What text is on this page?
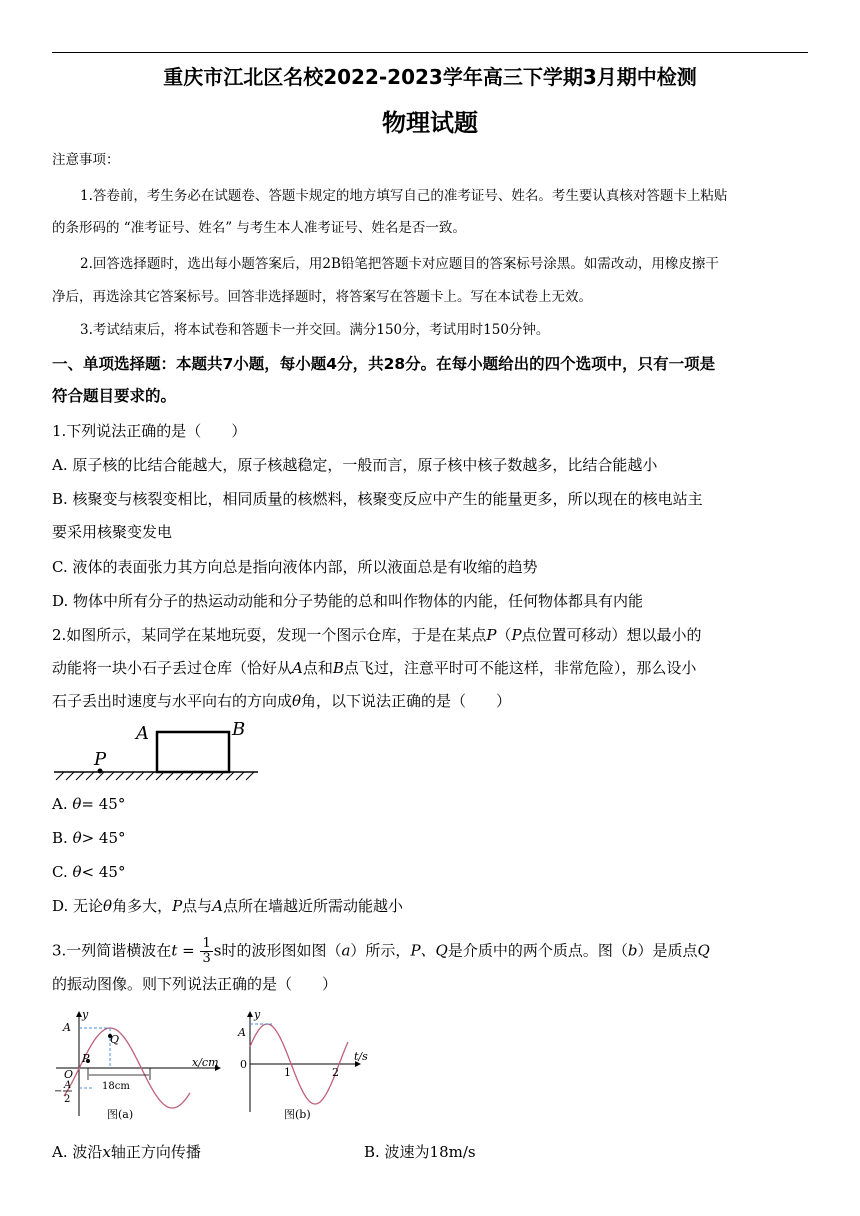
重庆市江北区名校2022-2023学年高三下学期3月期中检测
物理试题
注意事项：
1.答卷前，考生务必在试题卷、答题卡规定的地方填写自己的准考证号、姓名。考生要认真核对答题卡上粘贴
的条形码的 “准考证号、姓名” 与考生本人准考证号、姓名是否一致。
2.回答选择题时，选出每小题答案后，用2B铅笔把答题卡对应题目的答案标号涂黑。如需改动，用橡皮擦干
净后，再选涂其它答案标号。回答非选择题时，将答案写在答题卡上。写在本试卷上无效。
3.考试结束后，将本试卷和答题卡一并交回。满分150分，考试用时150分钟。
一、单项选择题：本题共7小题，每小题4分，共28分。在每小题给出的四个选项中，只有一项是
符合题目要求的。
1.下列说法正确的是（　　）
A. 原子核的比结合能越大，原子核越稳定，一般而言，原子核中核子数越多，比结合能越小
B. 核聚变与核裂变相比，相同质量的核燃料，核聚变反应中产生的能量更多，所以现在的核电站主
要采用核聚变发电
C. 液体的表面张力其方向总是指向液体内部，所以液面总是有收缩的趋势
D. 物体中所有分子的热运动动能和分子势能的总和叫作物体的内能，任何物体都具有内能
2.如图所示，某同学在某地玩耍，发现一个图示仓库，于是在某点P（P点位置可移动）想以最小的
动能将一块小石子丢过仓库（恰好从A点和B点飞过，注意平时可不能这样，非常危险），那么设小
石子丢出时速度与水平向右的方向成θ角，以下说法正确的是（　　）
P
A	B
A. θ= 45°
B. θ> 45°
C. θ< 45°
D. 无论θ角多大，P点与A点所在墙越近所需动能越小
3.一列简谐横波在$t = \frac{1}{3}$ s时的波形图如图（a）所示，P、Q是介质中的两个质点。图（b）是质点Q
的振动图像。则下列说法正确的是（　　）
y
A
Q
P
O
A
−
2
18cm
x/cm
图(a)
y
A
0
1	2
t/s
图(b)
A. 波沿x轴正方向传播	B. 波速为18m/s
